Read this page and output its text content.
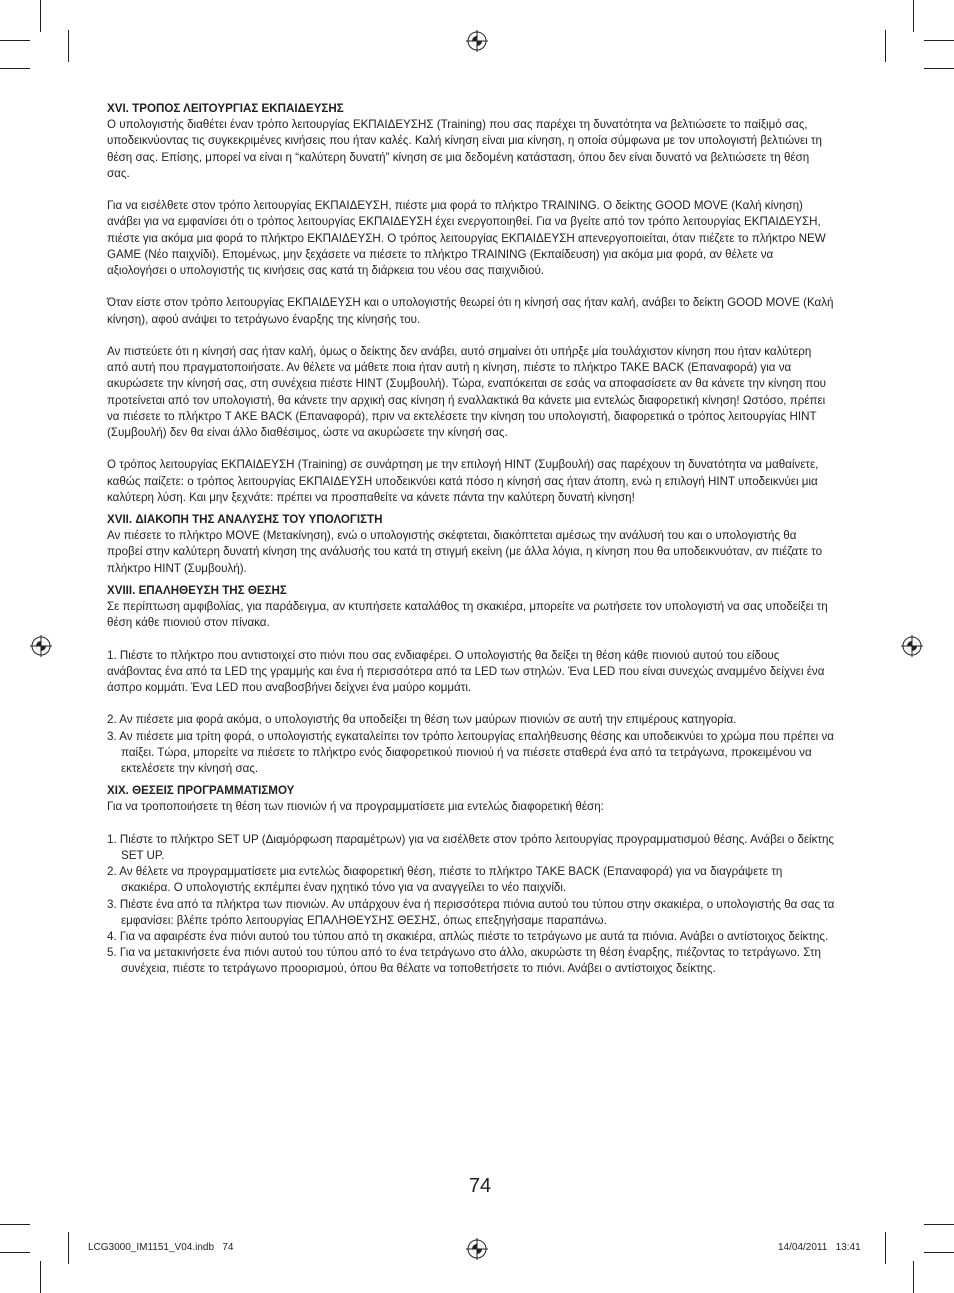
XVI. ΤΡΟΠΟΣ ΛΕΙΤΟΥΡΓΙΑΣ ΕΚΠΑΙΔΕΥΣΗΣ

Ο υπολογιστής διαθέτει έναν τρόπο λειτουργίας ΕΚΠΑΙΔΕΥΣΗΣ (Training) που σας παρέχει τη δυνατότητα να βελτιώσετε το παίξιμό σας, υποδεικνύοντας τις συγκεκριμένες κινήσεις που ήταν καλές. Καλή κίνηση είναι μια κίνηση, η οποία σύμφωνα με τον υπολογιστή βελτιώνει τη θέση σας. Επίσης, μπορεί να είναι η “καλύτερη δυνατή” κίνηση σε μια δεδομένη κατάσταση, όπου δεν είναι δυνατό να βελτιώσετε τη θέση σας.

Για να εισέλθετε στον τρόπο λειτουργίας ΕΚΠΑΙΔΕΥΣΗ, πιέστε μια φορά το πλήκτρο TRAINING. Ο δείκτης GOOD MOVE (Καλή κίνηση) ανάβει για να εμφανίσει ότι ο τρόπος λειτουργίας ΕΚΠΑΙΔΕΥΣΗ έχει ενεργοποιηθεί. Για να βγείτε από τον τρόπο λειτουργίας ΕΚΠΑΙΔΕΥΣΗ, πιέστε για ακόμα μια φορά το πλήκτρο ΕΚΠΑΙΔΕΥΣΗ. Ο τρόπος λειτουργίας ΕΚΠΑΙΔΕΥΣΗ απενεργοποιείται, όταν πιέζετε το πλήκτρο NEW GAME (Νέο παιχνίδι). Επομένως, μην ξεχάσετε να πιέσετε το πλήκτρο TRAINING (Εκπαίδευση) για ακόμα μια φορά, αν θέλετε να αξιολογήσει ο υπολογιστής τις κινήσεις σας κατά τη διάρκεια του νέου σας παιχνιδιού.

Όταν είστε στον τρόπο λειτουργίας ΕΚΠΑΙΔΕΥΣΗ και ο υπολογιστής θεωρεί ότι η κίνησή σας ήταν καλή, ανάβει το δείκτη GOOD MOVE (Καλή κίνηση), αφού ανάψει το τετράγωνο έναρξης της κίνησής του.

Αν πιστεύετε ότι η κίνησή σας ήταν καλή, όμως ο δείκτης δεν ανάβει, αυτό σημαίνει ότι υπήρξε μία τουλάχιστον κίνηση που ήταν καλύτερη από αυτή που πραγματοποιήσατε. Αν θέλετε να μάθετε ποια ήταν αυτή η κίνηση, πιέστε το πλήκτρο TAKE BACK (Επαναφορά) για να ακυρώσετε την κίνησή σας, στη συνέχεια πιέστε HINT (Συμβουλή). Τώρα, εναπόκειται σε εσάς να αποφασίσετε αν θα κάνετε την κίνηση που προτείνεται από τον υπολογιστή, θα κάνετε την αρχική σας κίνηση ή εναλλακτικά θα κάνετε μια εντελώς διαφορετική κίνηση! Ωστόσο, πρέπει να πιέσετε το πλήκτρο T AKE BACK (Επαναφορά), πριν να εκτελέσετε την κίνηση του υπολογιστή, διαφορετικά ο τρόπος λειτουργίας HINT (Συμβουλή) δεν θα είναι άλλο διαθέσιμος, ώστε να ακυρώσετε την κίνησή σας.

Ο τρόπος λειτουργίας ΕΚΠΑΙΔΕΥΣΗ (Training) σε συνάρτηση με την επιλογή HINT (Συμβουλή) σας παρέχουν τη δυνατότητα να μαθαίνετε, καθώς παίζετε: ο τρόπος λειτουργίας ΕΚΠΑΙΔΕΥΣΗ υποδεικνύει κατά πόσο η κίνησή σας ήταν άτοπη, ενώ η επιλογή HINT υποδεικνύει μια καλύτερη λύση. Και μην ξεχνάτε: πρέπει να προσπαθείτε να κάνετε πάντα την καλύτερη δυνατή κίνηση!

XVII. ΔΙΑΚΟΠΗ ΤΗΣ ΑΝΑΛΥΣΗΣ ΤΟΥ ΥΠΟΛΟΓΙΣΤΗ

Αν πιέσετε το πλήκτρο MOVE (Μετακίνηση), ενώ ο υπολογιστής σκέφτεται, διακόπτεται αμέσως την ανάλυσή του και ο υπολογιστής θα προβεί στην καλύτερη δυνατή κίνηση της ανάλυσής του κατά τη στιγμή εκείνη (με άλλα λόγια, η κίνηση που θα υποδεικνυόταν, αν πιέζατε το πλήκτρο HINT (Συμβουλή).

XVIII. ΕΠΑΛΗΘΕΥΣΗ ΤΗΣ ΘΕΣΗΣ

Σε περίπτωση αμφιβολίας, για παράδειγμα, αν κτυπήσετε καταλάθος τη σκακιέρα, μπορείτε να ρωτήσετε τον υπολογιστή να σας υποδείξει τη θέση κάθε πιονιού στον πίνακα.

1. Πιέστε το πλήκτρο που αντιστοιχεί στο πιόνι που σας ενδιαφέρει. Ο υπολογιστής θα δείξει τη θέση κάθε πιονιού αυτού του είδους ανάβοντας ένα από τα LED της γραμμής και ένα ή περισσότερα από τα LED των στηλών. Ένα LED που είναι συνεχώς αναμμένο δείχνει ένα άσπρο κομμάτι. Ένα LED που αναβοσβήνει δείχνει ένα μαύρο κομμάτι.

2. Αν πιέσετε μια φορά ακόμα, ο υπολογιστής θα υποδείξει τη θέση των μαύρων πιονιών σε αυτή την επιμέρους κατηγορία.

3. Αν πιέσετε μια τρίτη φορά, ο υπολογιστής εγκαταλείπει τον τρόπο λειτουργίας επαλήθευσης θέσης και υποδεικνύει το χρώμα που πρέπει να παίξει. Τώρα, μπορείτε να πιέσετε το πλήκτρο ενός διαφορετικού πιονιού ή να πιέσετε σταθερά ένα από τα τετράγωνα, προκειμένου να εκτελέσετε την κίνησή σας.

XIX. ΘΕΣΕΙΣ ΠΡΟΓΡΑΜΜΑΤΙΣΜΟΥ

Για να τροποποιήσετε τη θέση των πιονιών ή να προγραμματίσετε μια εντελώς διαφορετική θέση:

1. Πιέστε το πλήκτρο SET UP (Διαμόρφωση παραμέτρων) για να εισέλθετε στον τρόπο λειτουργίας προγραμματισμού θέσης. Ανάβει ο δείκτης SET UP.

2. Αν θέλετε να προγραμματίσετε μια εντελώς διαφορετική θέση, πιέστε το πλήκτρο TAKE BACK (Επαναφορά) για να διαγράψετε τη σκακιέρα. Ο υπολογιστής εκπέμπει έναν ηχητικό τόνο για να αναγγείλει το νέο παιχνίδι.

3. Πιέστε ένα από τα πλήκτρα των πιονιών. Αν υπάρχουν ένα ή περισσότερα πιόνια αυτού του τύπου στην σκακιέρα, ο υπολογιστής θα σας τα εμφανίσει: βλέπε τρόπο λειτουργίας ΕΠΑΛΗΘΕΥΣΗΣ ΘΕΣΗΣ, όπως επεξηγήσαμε παραπάνω.

4. Για να αφαιρέστε ένα πιόνι αυτού του τύπου από τη σκακιέρα, απλώς πιέστε το τετράγωνο με αυτά τα πιόνια. Ανάβει ο αντίστοιχος δείκτης.

5. Για να μετακινήσετε ένα πιόνι αυτού του τύπου από το ένα τετράγωνο στο άλλο, ακυρώστε τη θέση έναρξης, πιέζοντας το τετράγωνο. Στη συνέχεια, πιέστε το τετράγωνο προορισμού, όπου θα θέλατε να τοποθετήσετε το πιόνι. Ανάβει ο αντίστοιχος δείκτης.

74
LCG3000_IM1151_V04.indb   74	14/04/2011   13:41
